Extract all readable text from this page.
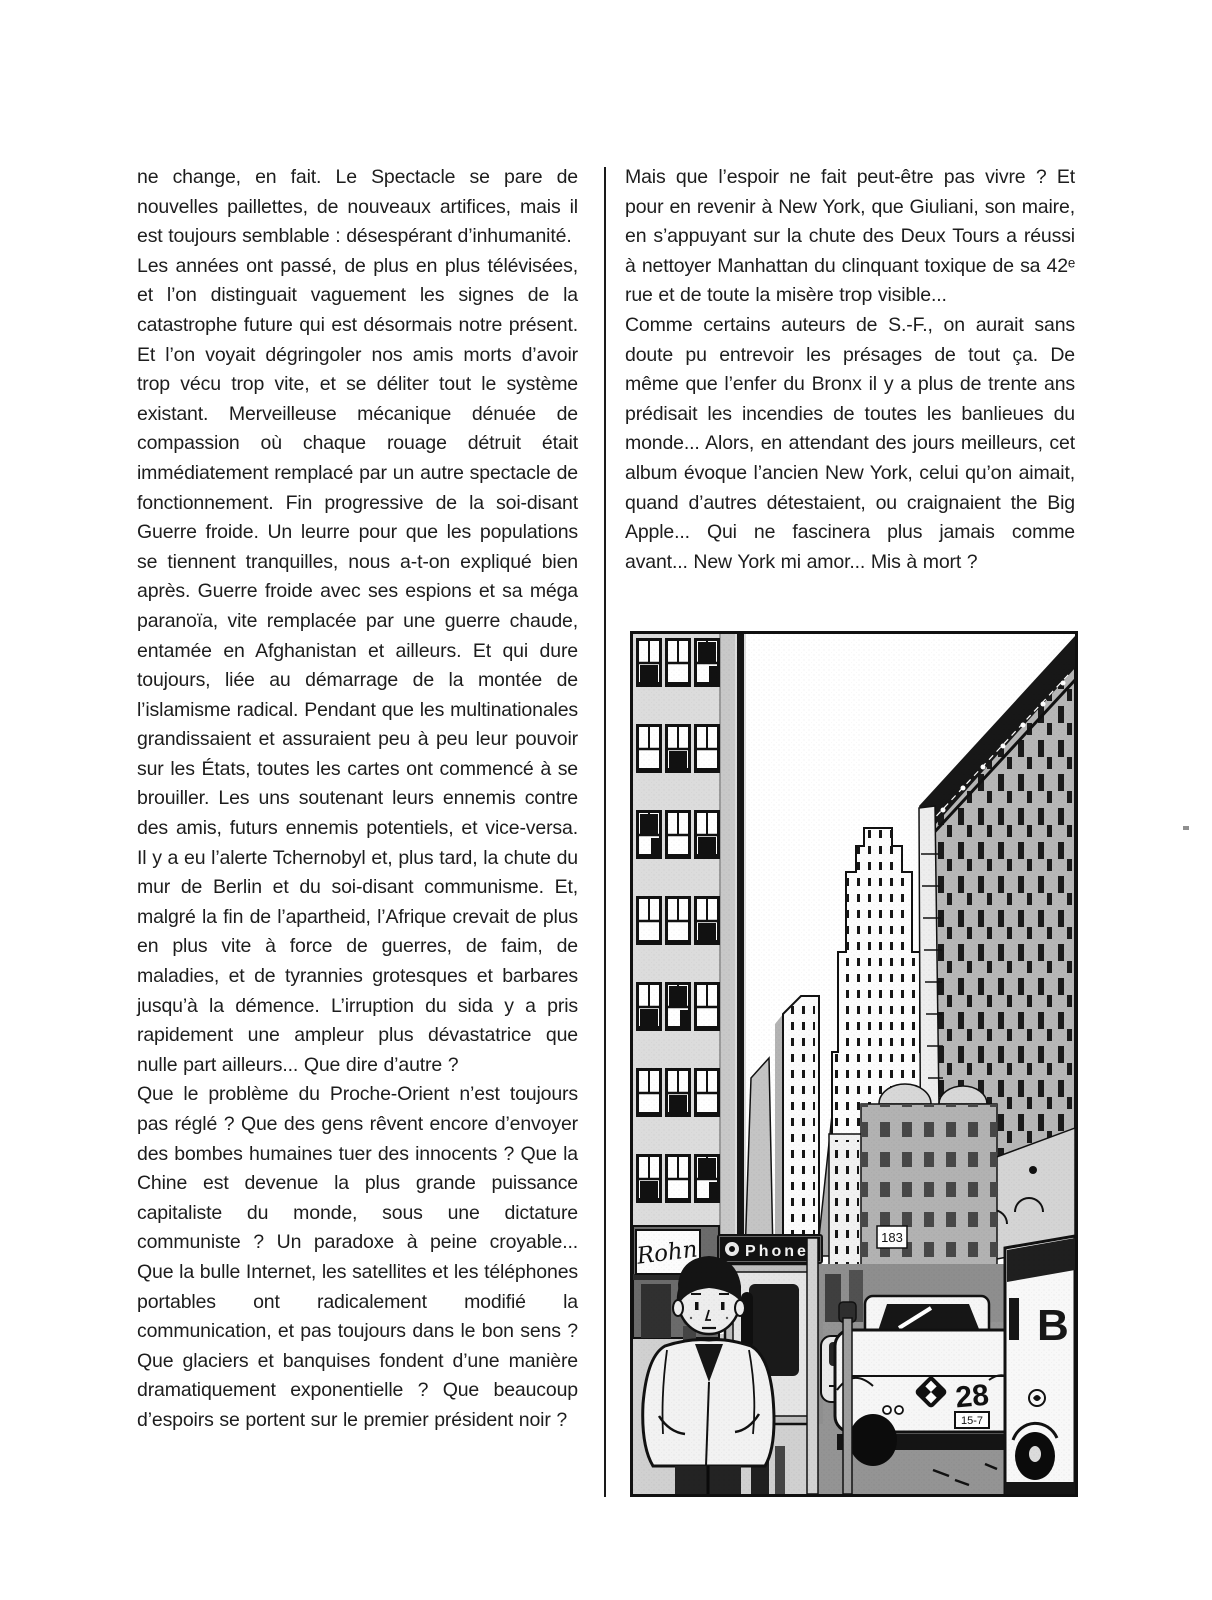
ne change, en fait. Le Spectacle se pare de nouvelles paillettes, de nouveaux artifices, mais il est toujours semblable : désespérant d’inhumanité.

Les années ont passé, de plus en plus télévisées, et l’on distinguait vaguement les signes de la catastrophe future qui est désormais notre présent. Et l’on voyait dégringoler nos amis morts d’avoir trop vécu trop vite, et se déliter tout le système existant. Merveilleuse mécanique dénuée de compassion où chaque rouage détruit était immédiatement remplacé par un autre spectacle de fonctionnement. Fin progressive de la soi-disant Guerre froide. Un leurre pour que les populations se tiennent tranquilles, nous a-t-on expliqué bien après. Guerre froide avec ses espions et sa méga paranoïa, vite remplacée par une guerre chaude, entamée en Afghanistan et ailleurs. Et qui dure toujours, liée au démarrage de la montée de l’islamisme radical. Pendant que les multinationales grandissaient et assuraient peu à peu leur pouvoir sur les États, toutes les cartes ont commencé à se brouiller. Les uns soutenant leurs ennemis contre des amis, futurs ennemis potentiels, et vice-versa. Il y a eu l’alerte Tchernobyl et, plus tard, la chute du mur de Berlin et du soi-disant communisme. Et, malgré la fin de l’apartheid, l’Afrique crevait de plus en plus vite à force de guerres, de faim, de maladies, et de tyrannies grotesques et barbares jusqu’à la démence. L’irruption du sida y a pris rapidement une ampleur plus dévastatrice que nulle part ailleurs... Que dire d’autre ?

Que le problème du Proche-Orient n’est toujours pas réglé ? Que des gens rêvent encore d’envoyer des bombes humaines tuer des innocents ? Que la Chine est devenue la plus grande puissance capitaliste du monde, sous une dictature communiste ? Un paradoxe à peine croyable... Que la bulle Internet, les satellites et les téléphones portables ont radicalement modifié la communication, et pas toujours dans le bon sens ? Que glaciers et banquises fondent d’une manière dramatiquement exponentielle ? Que beaucoup d’espoirs se portent sur le premier président noir ?

Mais que l’espoir ne fait peut-être pas vivre ? Et pour en revenir à New York, que Giuliani, son maire, en s’appuyant sur la chute des Deux Tours a réussi à nettoyer Manhattan du clinquant toxique de sa 42ᵉ rue et de toute la misère trop visible...

Comme certains auteurs de S.-F., on aurait sans doute pu entrevoir les présages de tout ça. De même que l’enfer du Bronx il y a plus de trente ans prédisait les incendies de toutes les banlieues du monde... Alors, en attendant des jours meilleurs, cet album évoque l’ancien New York, celui qu’on aimait, quand d’autres détestaient, ou craignaient the Big Apple... Qui ne fascinera plus jamais comme avant... New York mi amor... Mis à mort ?
